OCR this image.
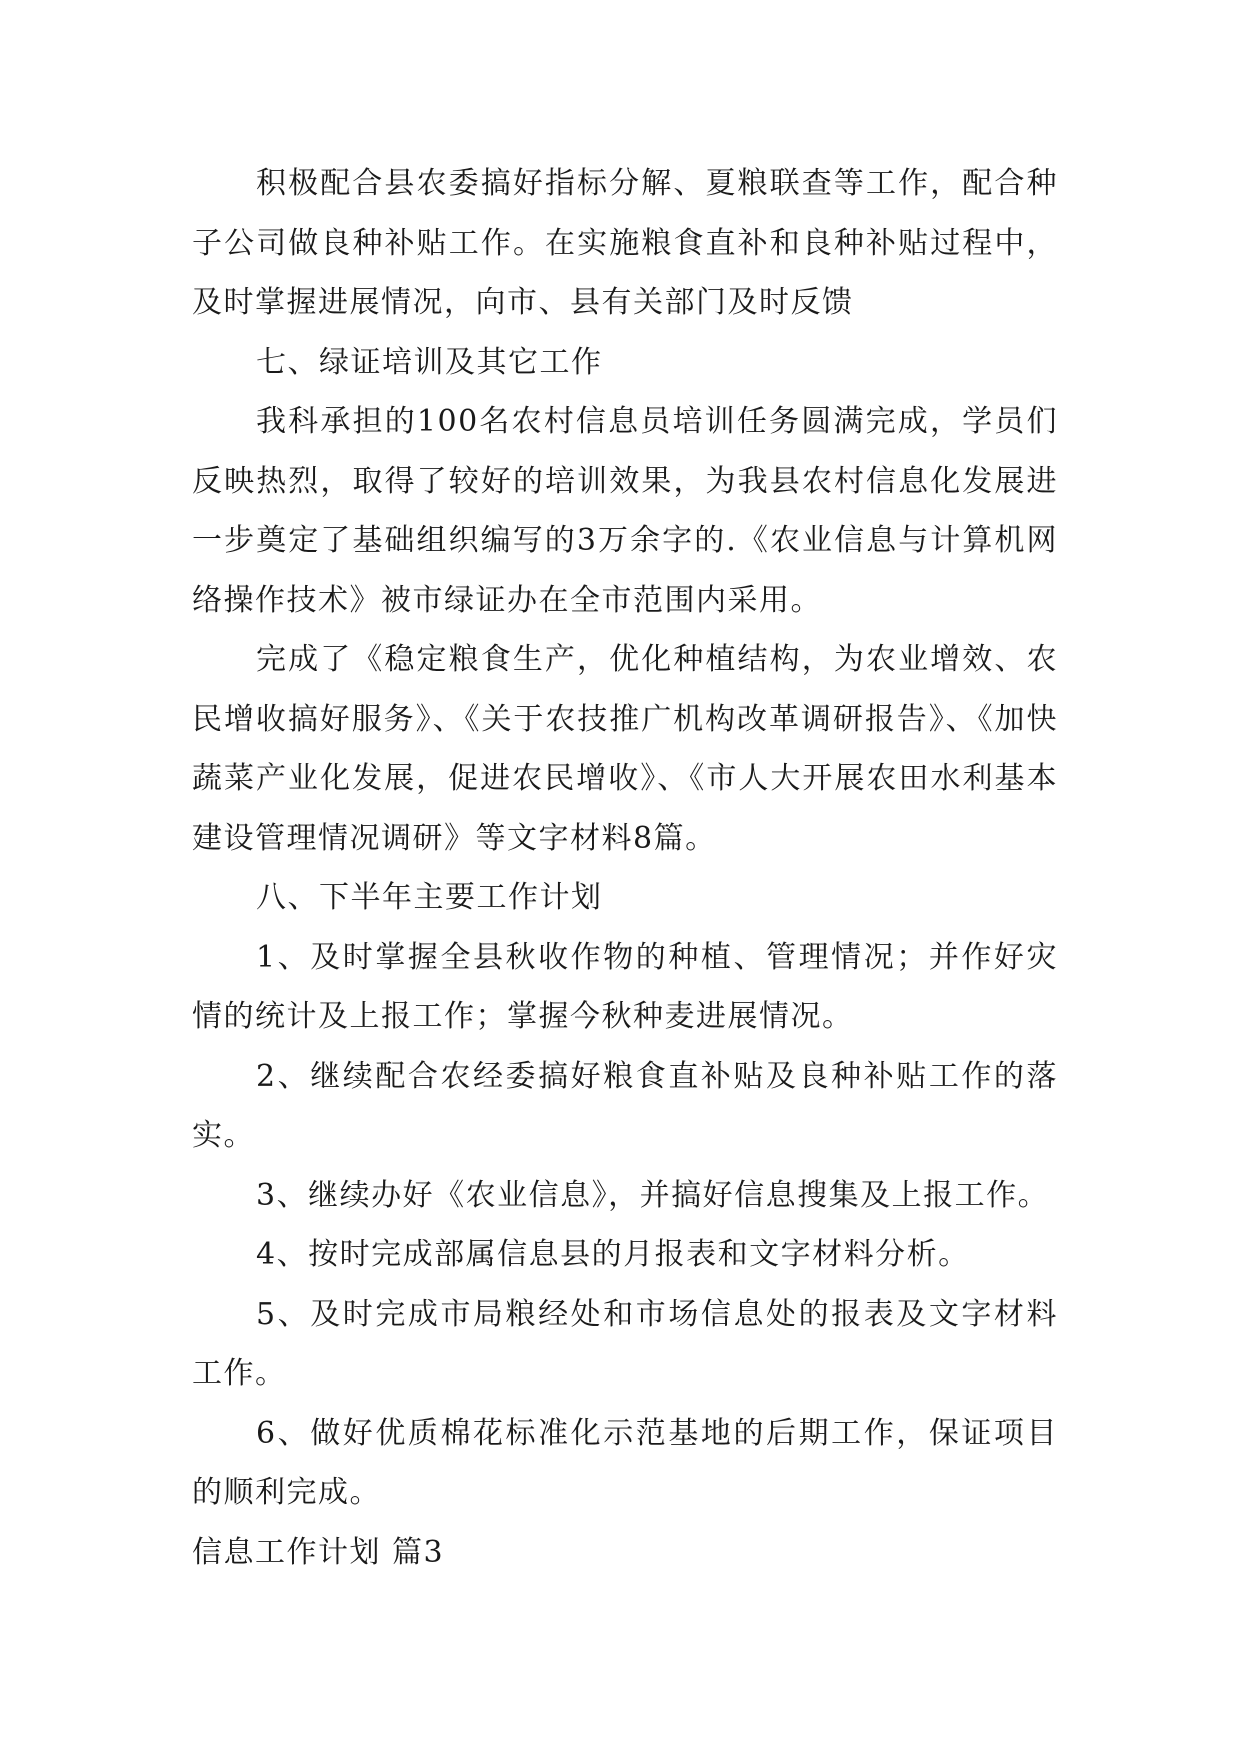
积极配合县农委搞好指标分解、夏粮联查等工作，配合种子公司做良种补贴工作。在实施粮食直补和良种补贴过程中，及时掌握进展情况，向市、县有关部门及时反馈

七、绿证培训及其它工作

我科承担的100名农村信息员培训任务圆满完成，学员们反映热烈，取得了较好的培训效果，为我县农村信息化发展进一步奠定了基础组织编写的3万余字的.《农业信息与计算机网络操作技术》被市绿证办在全市范围内采用。

完成了《稳定粮食生产，优化种植结构，为农业增效、农民增收搞好服务》、《关于农技推广机构改革调研报告》、《加快蔬菜产业化发展，促进农民增收》、《市人大开展农田水利基本建设管理情况调研》等文字材料8篇。

八、下半年主要工作计划

1、及时掌握全县秋收作物的种植、管理情况；并作好灾情的统计及上报工作；掌握今秋种麦进展情况。

2、继续配合农经委搞好粮食直补贴及良种补贴工作的落实。

3、继续办好《农业信息》，并搞好信息搜集及上报工作。

4、按时完成部属信息县的月报表和文字材料分析。

5、及时完成市局粮经处和市场信息处的报表及文字材料工作。

6、做好优质棉花标准化示范基地的后期工作，保证项目的顺利完成。

信息工作计划 篇3
